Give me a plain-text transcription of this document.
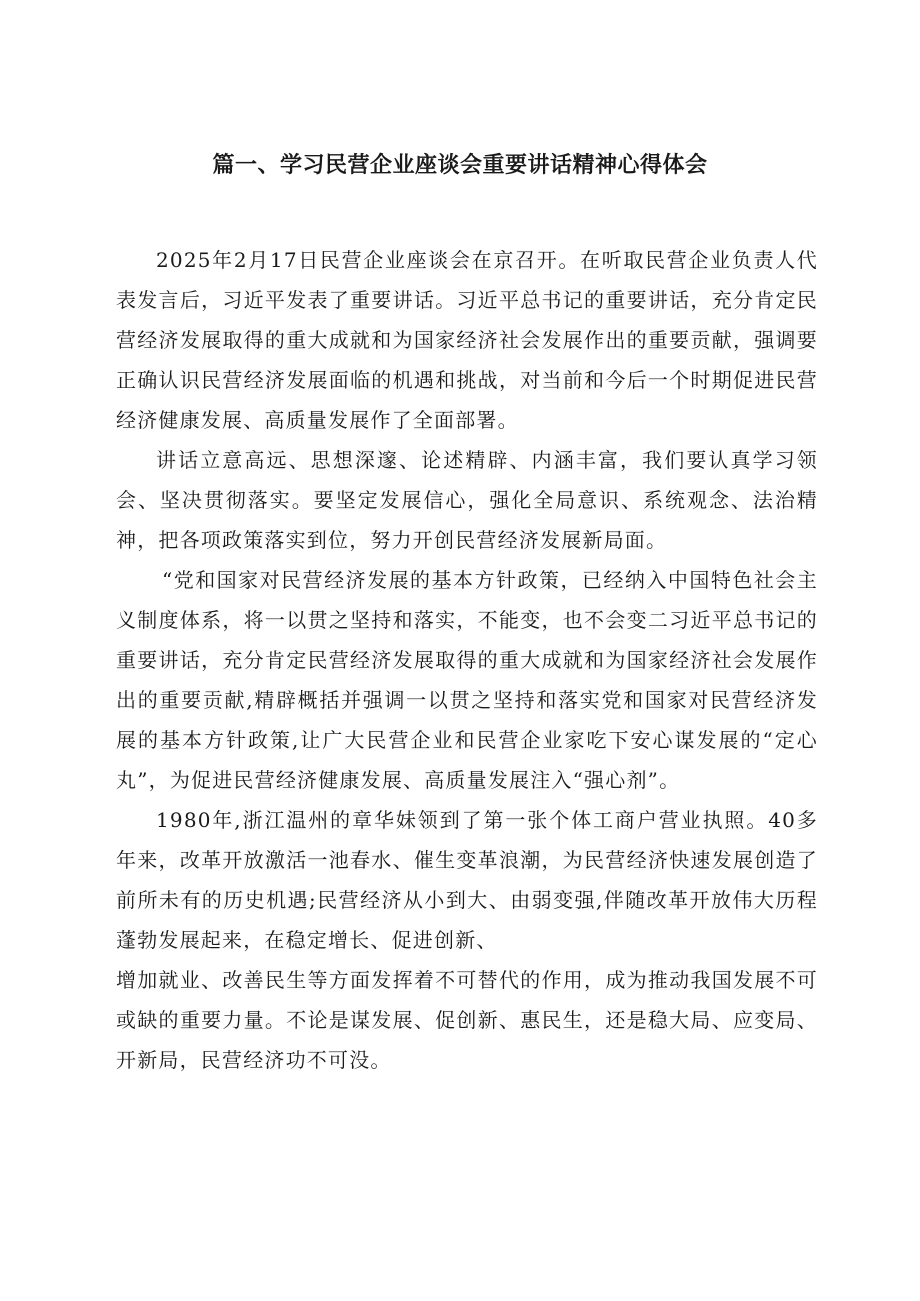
篇一、学习民营企业座谈会重要讲话精神心得体会

2025年2月17日民营企业座谈会在京召开。在听取民营企业负责人代表发言后，习近平发表了重要讲话。习近平总书记的重要讲话，充分肯定民营经济发展取得的重大成就和为国家经济社会发展作出的重要贡献，强调要正确认识民营经济发展面临的机遇和挑战，对当前和今后一个时期促进民营经济健康发展、高质量发展作了全面部署。

讲话立意高远、思想深邃、论述精辟、内涵丰富，我们要认真学习领会、坚决贯彻落实。要坚定发展信心，强化全局意识、系统观念、法治精神，把各项政策落实到位，努力开创民营经济发展新局面。

“党和国家对民营经济发展的基本方针政策，已经纳入中国特色社会主义制度体系，将一以贯之坚持和落实，不能变，也不会变二习近平总书记的重要讲话，充分肯定民营经济发展取得的重大成就和为国家经济社会发展作出的重要贡献,精辟概括并强调一以贯之坚持和落实党和国家对民营经济发展的基本方针政策,让广大民营企业和民营企业家吃下安心谋发展的“定心丸”，为促进民营经济健康发展、高质量发展注入“强心剂”。

1980年,浙江温州的章华妹领到了第一张个体工商户营业执照。40多年来，改革开放激活一池春水、催生变革浪潮，为民营经济快速发展创造了前所未有的历史机遇;民营经济从小到大、由弱变强,伴随改革开放伟大历程蓬勃发展起来，在稳定增长、促进创新、

增加就业、改善民生等方面发挥着不可替代的作用，成为推动我国发展不可或缺的重要力量。不论是谋发展、促创新、惠民生，还是稳大局、应变局、开新局，民营经济功不可没。
